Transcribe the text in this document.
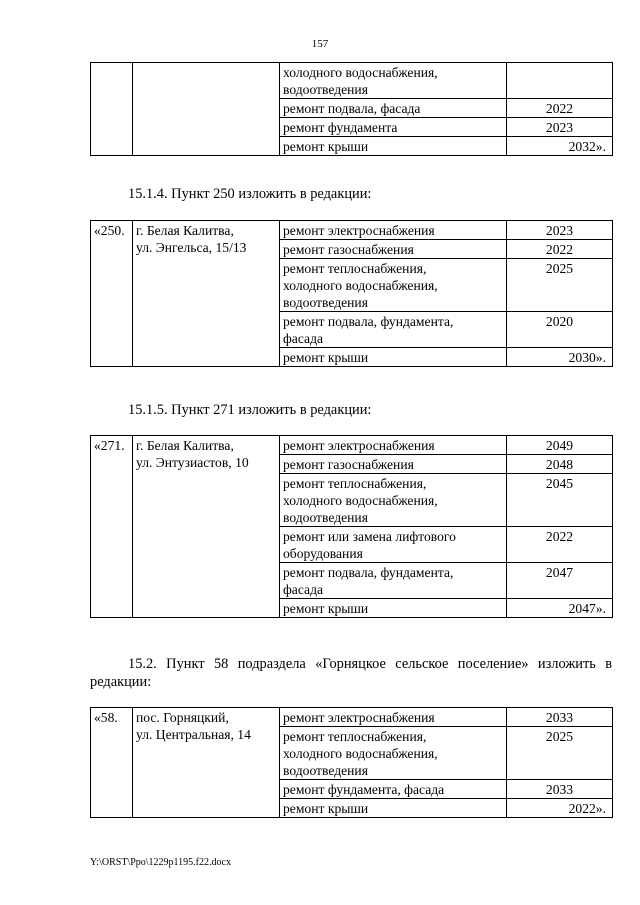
157
		холодного водоснабжения,
водоотведения	
		ремонт подвала, фасада	2022
		ремонт фундамента	2023
		ремонт крыши	2032».

15.1.4. Пункт 250 изложить в редакции:

«250.	г. Белая Калитва,
ул. Энгельса, 15/13	ремонт электроснабжения	2023
		ремонт газоснабжения	2022
		ремонт теплоснабжения,
холодного водоснабжения,
водоотведения	2025
		ремонт подвала, фундамента,
фасада	2020
		ремонт крыши	2030».

15.1.5. Пункт 271 изложить в редакции:

«271.	г. Белая Калитва,
ул. Энтузиастов, 10	ремонт электроснабжения	2049
		ремонт газоснабжения	2048
		ремонт теплоснабжения,
холодного водоснабжения,
водоотведения	2045
		ремонт или замена лифтового
оборудования	2022
		ремонт подвала, фундамента,
фасада	2047
		ремонт крыши	2047».

15.2. Пункт 58 подраздела «Горняцкое сельское поселение» изложить в редакции:

«58.	пос. Горняцкий,
ул. Центральная, 14	ремонт электроснабжения	2033
		ремонт теплоснабжения,
холодного водоснабжения,
водоотведения	2025
		ремонт фундамента, фасада	2033
		ремонт крыши	2022».
Y:\ORST\Ppo\1229p1195.f22.docx
